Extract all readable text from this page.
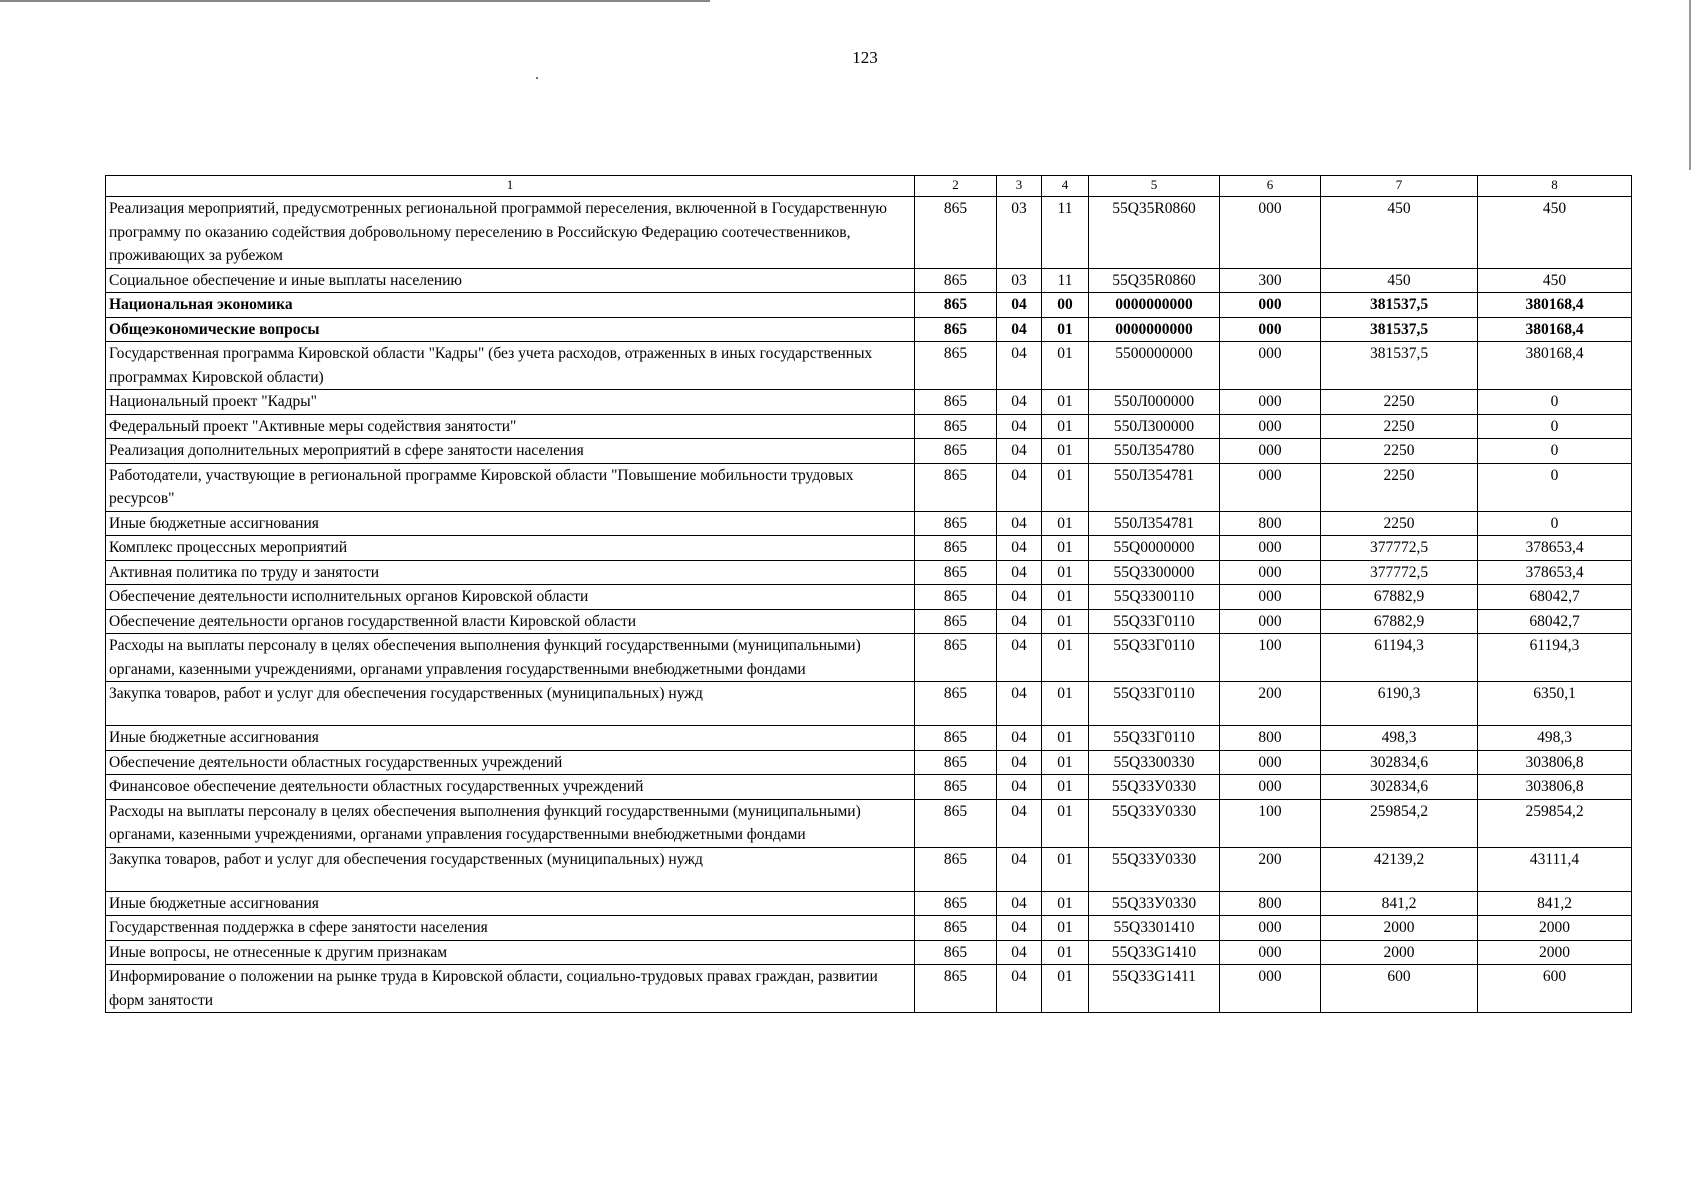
123
1	2	3	4	5	6	7	8
Реализация мероприятий, предусмотренных региональной программой переселения, включенной в Государственную программу по оказанию содействия добровольному переселению в Российскую Федерацию соотечественников, проживающих за рубежом	865	03	11	55Q35R0860	000	450	450
Социальное обеспечение и иные выплаты населению	865	03	11	55Q35R0860	300	450	450
Национальная экономика	865	04	00	0000000000	000	381537,5	380168,4
Общеэкономические вопросы	865	04	01	0000000000	000	381537,5	380168,4
Государственная программа Кировской области "Кадры" (без учета расходов, отраженных в иных государственных программах Кировской области)	865	04	01	5500000000	000	381537,5	380168,4
Национальный проект "Кадры"	865	04	01	550Л000000	000	2250	0
Федеральный проект "Активные меры содействия занятости"	865	04	01	550Л300000	000	2250	0
Реализация дополнительных мероприятий в сфере занятости населения	865	04	01	550Л354780	000	2250	0
Работодатели, участвующие в региональной программе Кировской области "Повышение мобильности трудовых ресурсов"	865	04	01	550Л354781	000	2250	0
Иные бюджетные ассигнования	865	04	01	550Л354781	800	2250	0
Комплекс процессных мероприятий	865	04	01	55Q0000000	000	377772,5	378653,4
Активная политика по труду и занятости	865	04	01	55Q3300000	000	377772,5	378653,4
Обеспечение деятельности исполнительных органов Кировской области	865	04	01	55Q3300110	000	67882,9	68042,7
Обеспечение деятельности органов государственной власти Кировской области	865	04	01	55Q33Г0110	000	67882,9	68042,7
Расходы на выплаты персоналу в целях обеспечения выполнения функций государственными (муниципальными) органами, казенными учреждениями, органами управления государственными внебюджетными фондами	865	04	01	55Q33Г0110	100	61194,3	61194,3
Закупка товаров, работ и услуг для обеспечения государственных (муниципальных) нужд	865	04	01	55Q33Г0110	200	6190,3	6350,1
Иные бюджетные ассигнования	865	04	01	55Q33Г0110	800	498,3	498,3
Обеспечение деятельности областных государственных учреждений	865	04	01	55Q3300330	000	302834,6	303806,8
Финансовое обеспечение деятельности областных государственных учреждений	865	04	01	55Q33У0330	000	302834,6	303806,8
Расходы на выплаты персоналу в целях обеспечения выполнения функций государственными (муниципальными) органами, казенными учреждениями, органами управления государственными внебюджетными фондами	865	04	01	55Q33У0330	100	259854,2	259854,2
Закупка товаров, работ и услуг для обеспечения государственных (муниципальных) нужд	865	04	01	55Q33У0330	200	42139,2	43111,4
Иные бюджетные ассигнования	865	04	01	55Q33У0330	800	841,2	841,2
Государственная поддержка в сфере занятости населения	865	04	01	55Q3301410	000	2000	2000
Иные вопросы, не отнесенные к другим признакам	865	04	01	55Q33G1410	000	2000	2000
Информирование о положении на рынке труда в Кировской области, социально-трудовых правах граждан, развитии форм занятости	865	04	01	55Q33G1411	000	600	600
